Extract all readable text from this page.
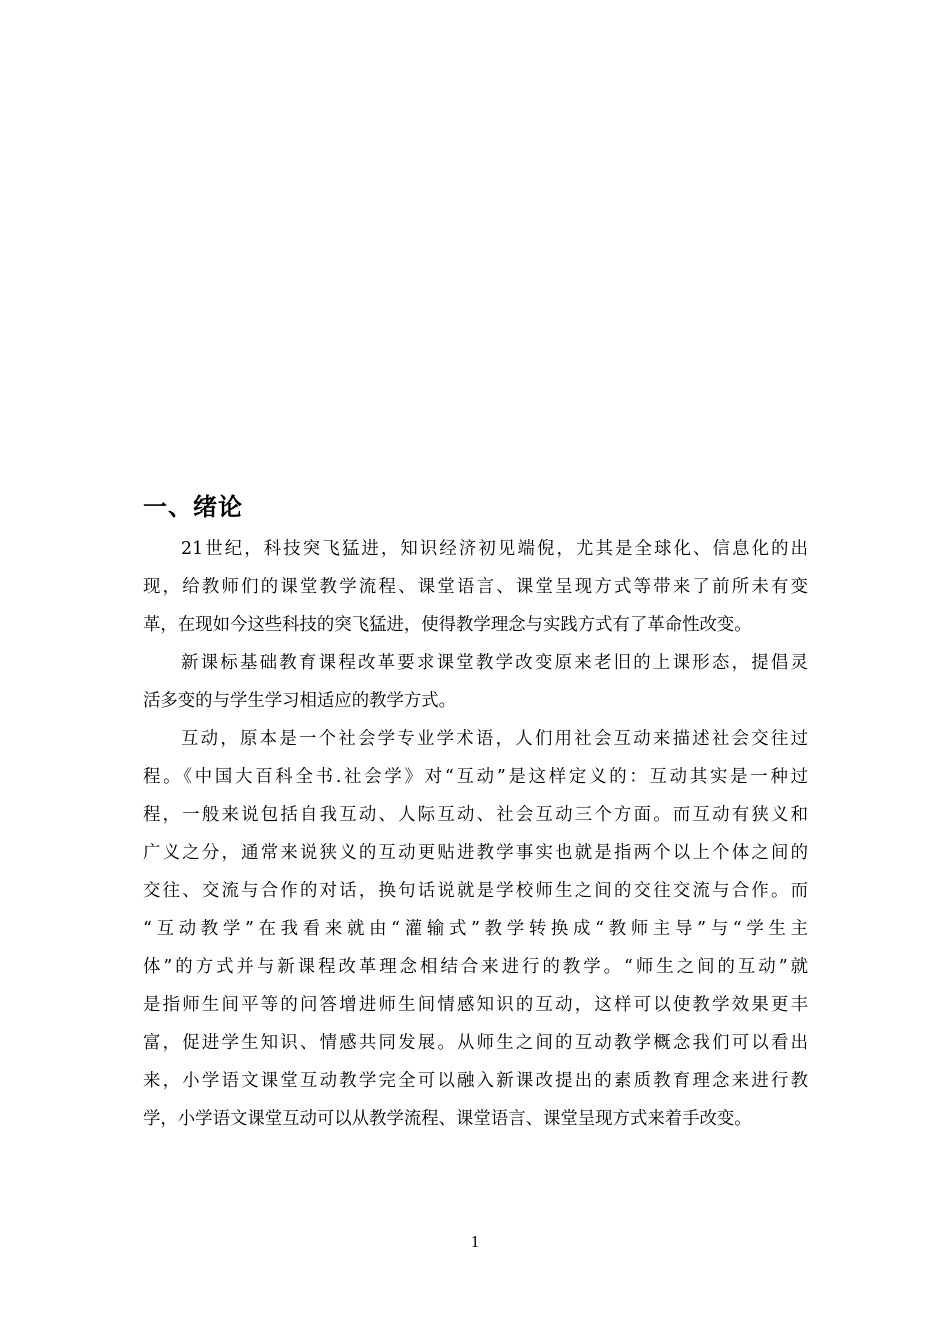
一、绪论

21世纪，科技突飞猛进，知识经济初见端倪，尤其是全球化、信息化的出

现，给教师们的课堂教学流程、课堂语言、课堂呈现方式等带来了前所未有变

革，在现如今这些科技的突飞猛进，使得教学理念与实践方式有了革命性改变。

新课标基础教育课程改革要求课堂教学改变原来老旧的上课形态，提倡灵

活多变的与学生学习相适应的教学方式。

互动，原本是一个社会学专业学术语，人们用社会互动来描述社会交往过

程。《中国大百科全书.社会学》对“互动”是这样定义的：互动其实是一种过

程，一般来说包括自我互动、人际互动、社会互动三个方面。而互动有狭义和

广义之分，通常来说狭义的互动更贴进教学事实也就是指两个以上个体之间的

交往、交流与合作的对话，换句话说就是学校师生之间的交往交流与合作。而

“互动教学”在我看来就由“灌输式”教学转换成“教师主导”与“学生主

体”的方式并与新课程改革理念相结合来进行的教学。“师生之间的互动”就

是指师生间平等的问答增进师生间情感知识的互动，这样可以使教学效果更丰

富，促进学生知识、情感共同发展。从师生之间的互动教学概念我们可以看出

来，小学语文课堂互动教学完全可以融入新课改提出的素质教育理念来进行教

学，小学语文课堂互动可以从教学流程、课堂语言、课堂呈现方式来着手改变。

1
